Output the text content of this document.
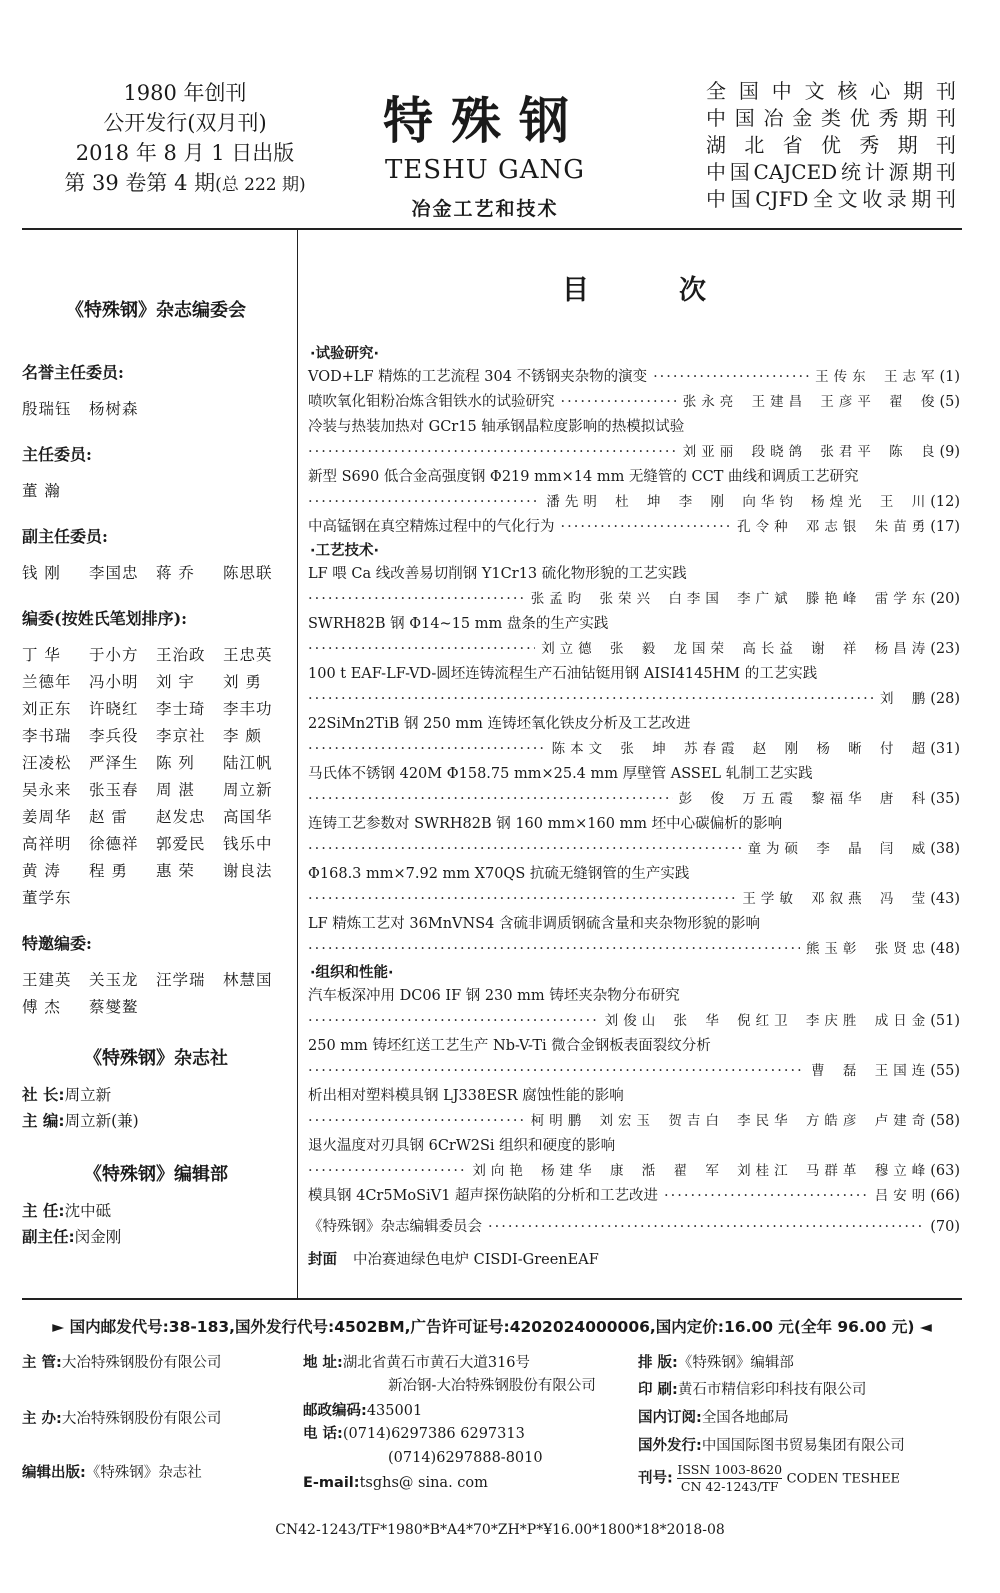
1980 年创刊
公开发行(双月刊)
2018 年 8 月 1 日出版
第 39 卷第 4 期(总 222 期)
特殊钢
TESHU GANG
冶金工艺和技术
全国中文核心期刊
中国冶金类优秀期刊
湖北省优秀期刊
中国CAJCED统计源期刊
中国CJFD全文收录期刊
《特殊钢》杂志编委会
名誉主任委员:
殷瑞钰	杨树森
主任委员:
董 瀚
副主任委员:
钱 刚	李国忠	蒋 乔	陈思联
编委(按姓氏笔划排序):
丁 华	于小方	王治政	王忠英
兰德年	冯小明	刘 宇	刘 勇
刘正东	许晓红	李士琦	李丰功
李书瑞	李兵役	李京社	李 颇
汪凌松	严泽生	陈 列	陆江帆
吴永来	张玉春	周 湛	周立新
姜周华	赵 雷	赵发忠	高国华
高祥明	徐德祥	郭爱民	钱乐中
黄 涛	程 勇	惠 荣	谢良法
董学东
特邀编委:
王建英	关玉龙	汪学瑞	林慧国
傅 杰	蔡燮鳌
《特殊钢》杂志社
社 长:周立新
主 编:周立新(兼)
《特殊钢》编辑部
主 任:沈中砥
副主任:闵金刚
目次
·试验研究·
VOD+LF 精炼的工艺流程 304 不锈钢夹杂物的演变 ·····	王传东 王志军 (1)
喷吹氧化钼粉冶炼含钼铁水的试验研究 ·····	张永亮 王建昌 王彦平 翟 俊 (5)
冷装与热装加热对 GCr15 轴承钢晶粒度影响的热模拟试验
·····
刘亚丽 段晓鸽 张君平 陈 良 (9)
新型 S690 低合金高强度钢 Φ219 mm×14 mm 无缝管的 CCT 曲线和调质工艺研究
·····
潘先明 杜 坤 李 刚 向华钧 杨煌光 王 川 (12)
中高锰钢在真空精炼过程中的气化行为 ·····	孔令种 邓志银 朱苗勇 (17)
·工艺技术·
LF 喂 Ca 线改善易切削钢 Y1Cr13 硫化物形貌的工艺实践
·····
张孟昀 张荣兴 白李国 李广斌 滕艳峰 雷学东 (20)
SWRH82B 钢 Φ14~15 mm 盘条的生产实践
·····
刘立德 张 毅 龙国荣 高长益 谢 祥 杨昌涛 (23)
100 t EAF-LF-VD-圆坯连铸流程生产石油钻铤用钢 AISI4145HM 的工艺实践
·····
刘 鹏 (28)
22SiMn2TiB 钢 250 mm 连铸坯氧化铁皮分析及工艺改进
·····
陈本文 张 坤 苏春霞 赵 刚 杨 晰 付 超 (31)
马氏体不锈钢 420M Φ158.75 mm×25.4 mm 厚壁管 ASSEL 轧制工艺实践
·····
彭 俊 万五霞 黎福华 唐 科 (35)
连铸工艺参数对 SWRH82B 钢 160 mm×160 mm 坯中心碳偏析的影响
·····
童为硕 李 晶 闫 威 (38)
Φ168.3 mm×7.92 mm X70QS 抗硫无缝钢管的生产实践
·····
王学敏 邓叙燕 冯 莹 (43)
LF 精炼工艺对 36MnVNS4 含硫非调质钢硫含量和夹杂物形貌的影响
·····
熊玉彰 张贤忠 (48)
·组织和性能·
汽车板深冲用 DC06 IF 钢 230 mm 铸坯夹杂物分布研究
·····
刘俊山 张 华 倪红卫 李庆胜 成日金 (51)
250 mm 铸坯红送工艺生产 Nb-V-Ti 微合金钢板表面裂纹分析
·····
曹 磊 王国连 (55)
析出相对塑料模具钢 LJ338ESR 腐蚀性能的影响
·····
柯明鹏 刘宏玉 贺吉白 李民华 方皓彦 卢建奇 (58)
退火温度对刃具钢 6CrW2Si 组织和硬度的影响
·····
刘向艳 杨建华 康 湉 翟 军 刘桂江 马群革 穆立峰 (63)
模具钢 4Cr5MoSiV1 超声探伤缺陷的分析和工艺改进 ·····	吕安明 (66)
《特殊钢》杂志编辑委员会 ·····	(70)
封面 中冶赛迪绿色电炉 CISDI-GreenEAF
► 国内邮发代号:38-183,国外发行代号:4502BM,广告许可证号:4202024000006,国内定价:16.00 元(全年 96.00 元) ◄
主 管:大冶特殊钢股份有限公司
主 办:大冶特殊钢股份有限公司
编辑出版:《特殊钢》杂志社
地 址:湖北省黄石市黄石大道316号
新冶钢-大冶特殊钢股份有限公司
邮政编码:435001
电 话:(0714)6297386 6297313
(0714)6297888-8010
E-mail:tsghs@ sina. com
排 版:《特殊钢》编辑部
印 刷:黄石市精信彩印科技有限公司
国内订阅:全国各地邮局
国外发行:中国国际图书贸易集团有限公司
刊号:
ISSN 1003-8620
CN 42-1243/TF CODEN TESHEE
CN42-1243/TF*1980*B*A4*70*ZH*P*¥16.00*1800*18*2018-08
